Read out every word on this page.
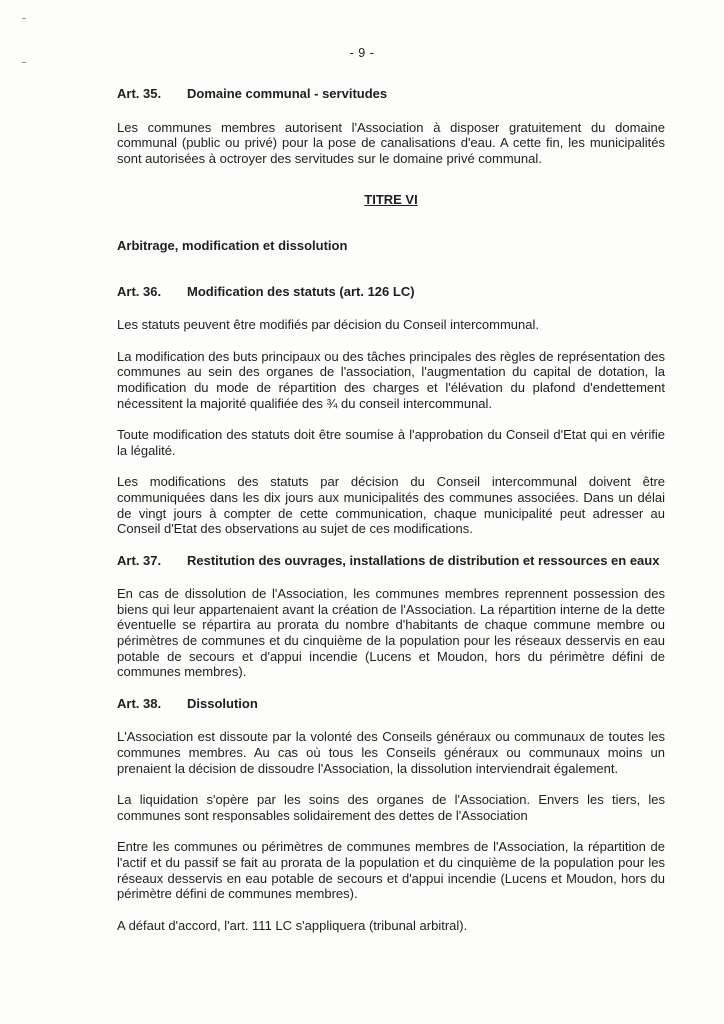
- 9 -
Art. 35.	Domaine communal - servitudes

Les communes membres autorisent l'Association à disposer gratuitement du domaine communal (public ou privé) pour la pose de canalisations d'eau. A cette fin, les municipalités sont autorisées à octroyer des servitudes sur le domaine privé communal.

TITRE VI
Arbitrage, modification et dissolution
Art. 36.	Modification des statuts (art. 126 LC)

Les statuts peuvent être modifiés par décision du Conseil intercommunal.

La modification des buts principaux ou des tâches principales des règles de représentation des communes au sein des organes de l'association, l'augmentation du capital de dotation, la modification du mode de répartition des charges et l'élévation du plafond d'endettement nécessitent la majorité qualifiée des ¾ du conseil intercommunal.

Toute modification des statuts doit être soumise à l'approbation du Conseil d'Etat qui en vérifie la légalité.

Les modifications des statuts par décision du Conseil intercommunal doivent être communiquées dans les dix jours aux municipalités des communes associées. Dans un délai de vingt jours à compter de cette communication, chaque municipalité peut adresser au Conseil d'Etat des observations au sujet de ces modifications.

Art. 37. Restitution des ouvrages, installations de distribution et ressources en eaux

En cas de dissolution de l'Association, les communes membres reprennent possession des biens qui leur appartenaient avant la création de l'Association. La répartition interne de la dette éventuelle se répartira au prorata du nombre d'habitants de chaque commune membre ou périmètres de communes et du cinquième de la population pour les réseaux desservis en eau potable de secours et d'appui incendie (Lucens et Moudon, hors du périmètre défini de communes membres).

Art. 38.	Dissolution

L'Association est dissoute par la volonté des Conseils généraux ou communaux de toutes les communes membres. Au cas où tous les Conseils généraux ou communaux moins un prenaient la décision de dissoudre l'Association, la dissolution interviendrait également.

La liquidation s'opère par les soins des organes de l'Association. Envers les tiers, les communes sont responsables solidairement des dettes de l'Association

Entre les communes ou périmètres de communes membres de l'Association, la répartition de l'actif et du passif se fait au prorata de la population et du cinquième de la population pour les réseaux desservis en eau potable de secours et d'appui incendie (Lucens et Moudon, hors du périmètre défini de communes membres).

A défaut d'accord, l'art. 111 LC s'appliquera (tribunal arbitral).
